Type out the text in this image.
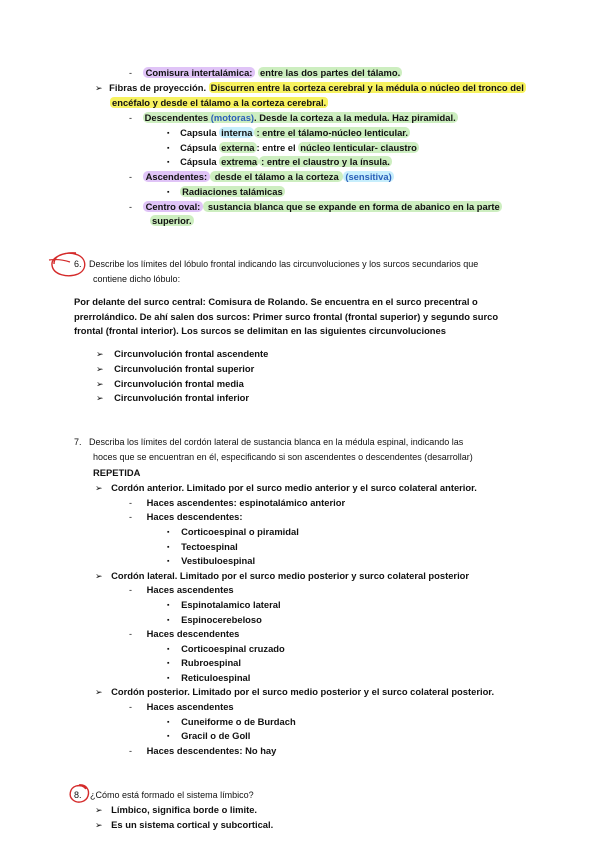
- Comisura intertalámica: entre las dos partes del tálamo.
➢ Fibras de proyección. Discurren entre la corteza cerebral y la médula o núcleo del tronco del
encéfalo y desde el tálamo a la corteza cerebral.
- Descendentes (motoras). Desde la corteza a la medula. Haz piramidal.
▪ Capsula interna : entre el tálamo-núcleo lenticular.
▪ Cápsula externa : entre el núcleo lenticular- claustro
▪ Cápsula extrema : entre el claustro y la ínsula.
- Ascendentes: desde el tálamo a la corteza (sensitiva)
▪ Radiaciones talámicas
- Centro oval: sustancia blanca que se expande en forma de abanico en la parte
superior.
6. Describe los límites del lóbulo frontal indicando las circunvoluciones y los surcos secundarios que
contiene dicho lóbulo:
Por delante del surco central: Comisura de Rolando. Se encuentra en el surco precentral o
prerrolándico. De ahí salen dos surcos: Primer surco frontal (frontal superior) y segundo surco
frontal (frontal interior). Los surcos se delimitan en las siguientes circunvoluciones
➢ Circunvolución frontal ascendente
➢ Circunvolución frontal superior
➢ Circunvolución frontal media
➢ Circunvolución frontal inferior
7. Describa los límites del cordón lateral de sustancia blanca en la médula espinal, indicando las
hoces que se encuentran en él, especificando si son ascendentes o descendentes (desarrollar)
REPETIDA
➢ Cordón anterior. Limitado por el surco medio anterior y el surco colateral anterior.
- Haces ascendentes: espinotalámico anterior
- Haces descendentes:
▪ Corticoespinal o piramidal
▪ Tectoespinal
▪ Vestibuloespinal
➢ Cordón lateral. Limitado por el surco medio posterior y surco colateral posterior
- Haces ascendentes
▪ Espinotalamico lateral
▪ Espinocerebeloso
- Haces descendentes
▪ Corticoespinal cruzado
▪ Rubroespinal
▪ Reticuloespinal
➢ Cordón posterior. Limitado por el surco medio posterior y el surco colateral posterior.
- Haces ascendentes
▪ Cuneiforme o de Burdach
▪ Gracil o de Goll
- Haces descendentes: No hay
8. ¿Cómo está formado el sistema límbico?
➢ Límbico, significa borde o limite.
➢ Es un sistema cortical y subcortical.
